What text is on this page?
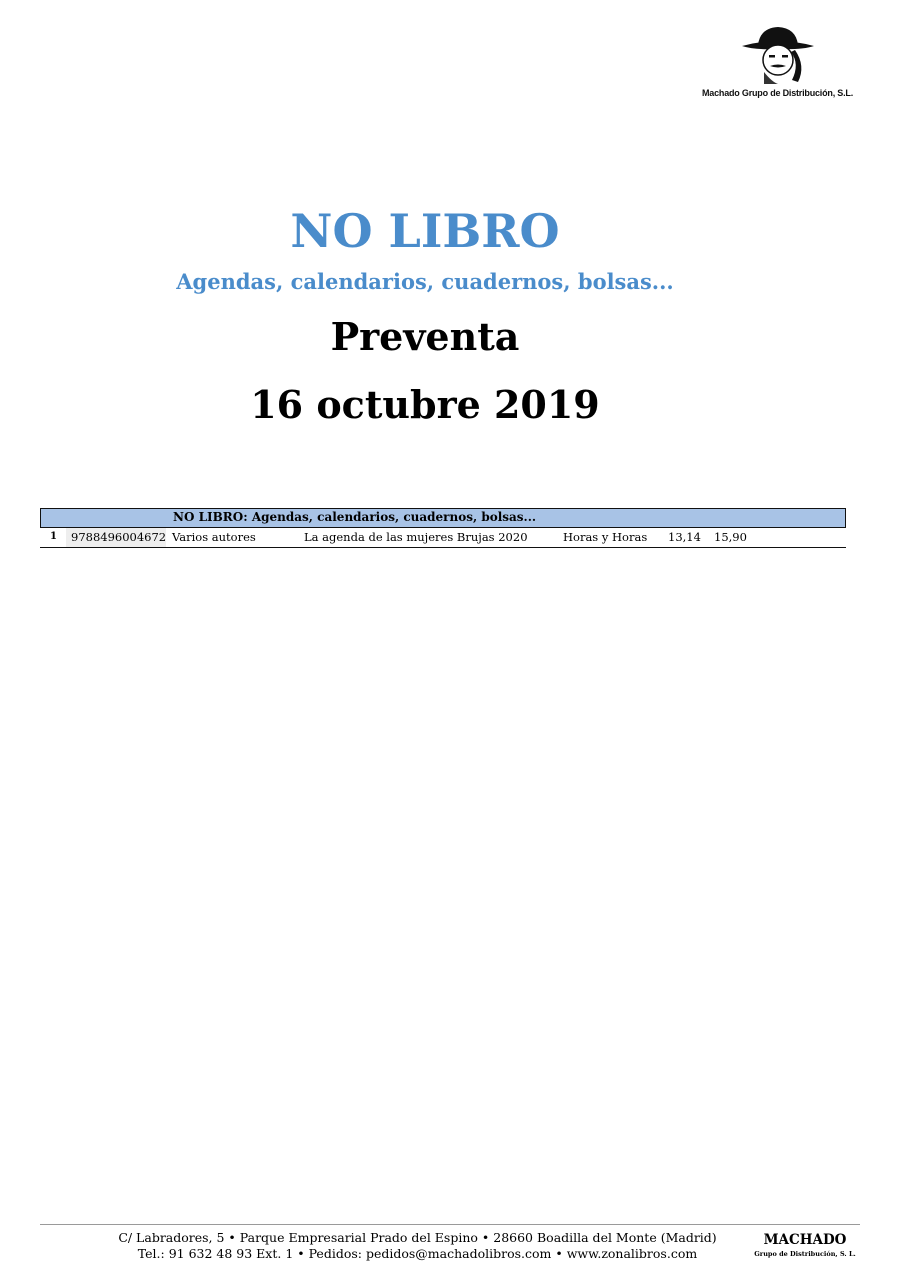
Machado Grupo de Distribución, S.L.
NO LIBRO
Agendas, calendarios, cuadernos, bolsas...
Preventa
16 octubre 2019
NO LIBRO: Agendas, calendarios, cuadernos, bolsas...
1 9788496004672 Varios autores	La agenda de las mujeres Brujas 2020	Horas y Horas 13,14 15,90
C/ Labradores, 5 • Parque Empresarial Prado del Espino • 28660 Boadilla del Monte (Madrid)
Tel.: 91 632 48 93 Ext. 1 • Pedidos: pedidos@machadolibros.com • www.zonalibros.com
MACHADO
Grupo de Distribución, S. L.
